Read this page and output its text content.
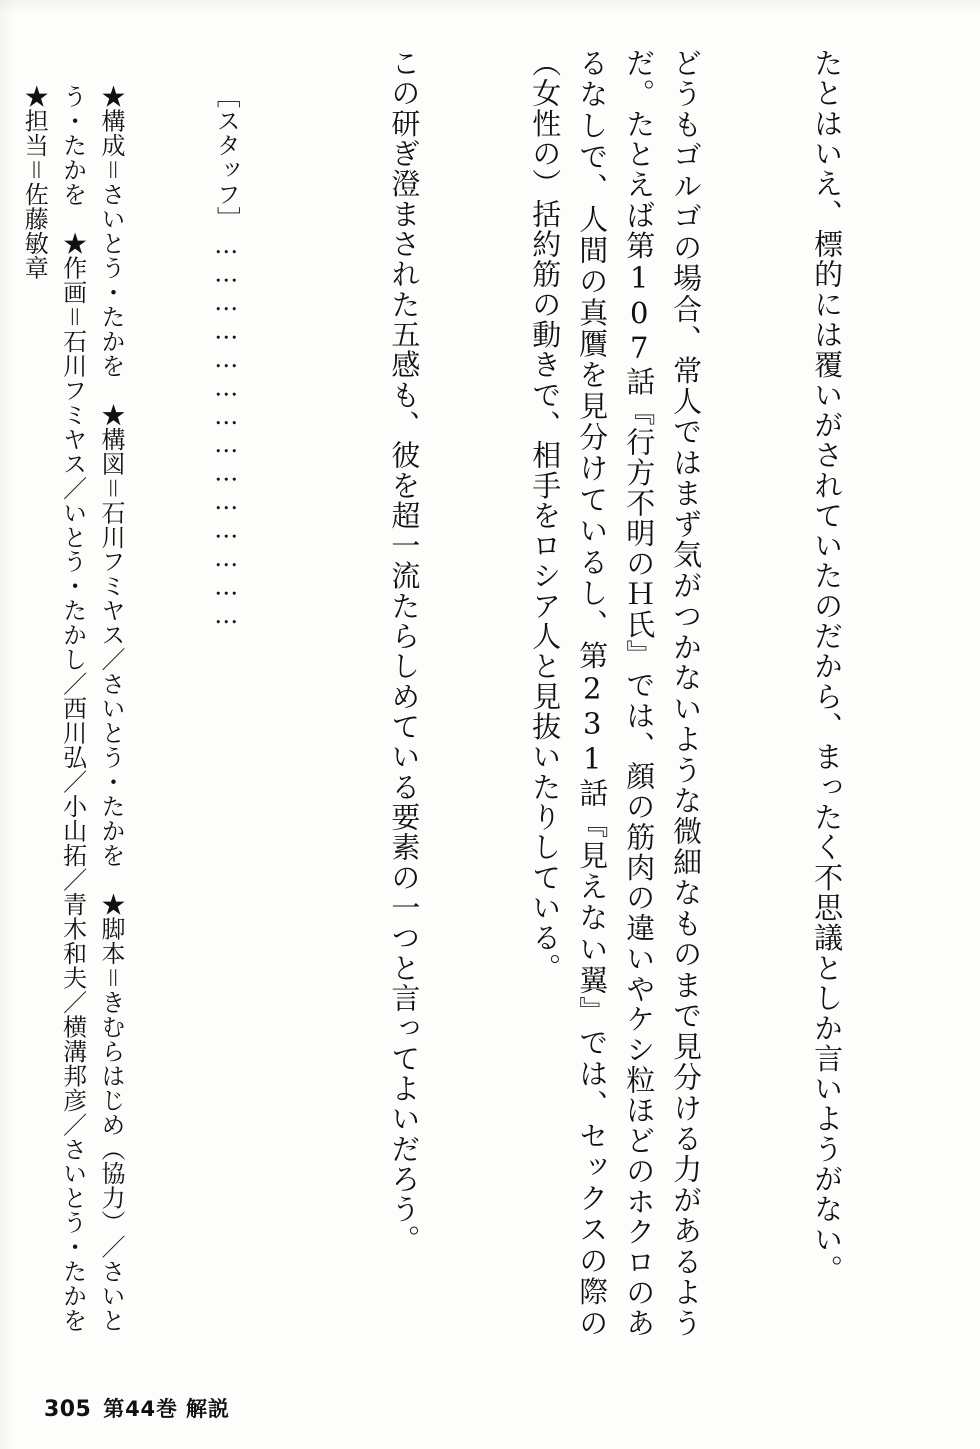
たとはいえ、標的には覆いがされていたのだから、まったく不思議としか言いようがない。

どうもゴルゴの場合、常人ではまず気がつかないような微細なものまで見分ける力があるようだ。たとえば第107話『行方不明のＨ氏』では、顔の筋肉の違いやケシ粒ほどのホクロのあるなしで、人間の真贋を見分けているし、第231話『見えない翼』では、セックスの際の（女性の）括約筋の動きで、相手をロシア人と見抜いたりしている。

この研ぎ澄まされた五感も、彼を超一流たらしめている要素の一つと言ってよいだろう。

［スタッフ］……………………………………

★構成＝さいとう・たかを　★構図＝石川フミヤス／さいとう・たかを　★脚本＝きむらはじめ（協力）／さいとう・たかを　★作画＝石川フミヤス／いとう・たかし／西川弘／小山拓／青木和夫／横溝邦彦／さいとう・たかを　★担当＝佐藤敏章

305 第44巻 解説
